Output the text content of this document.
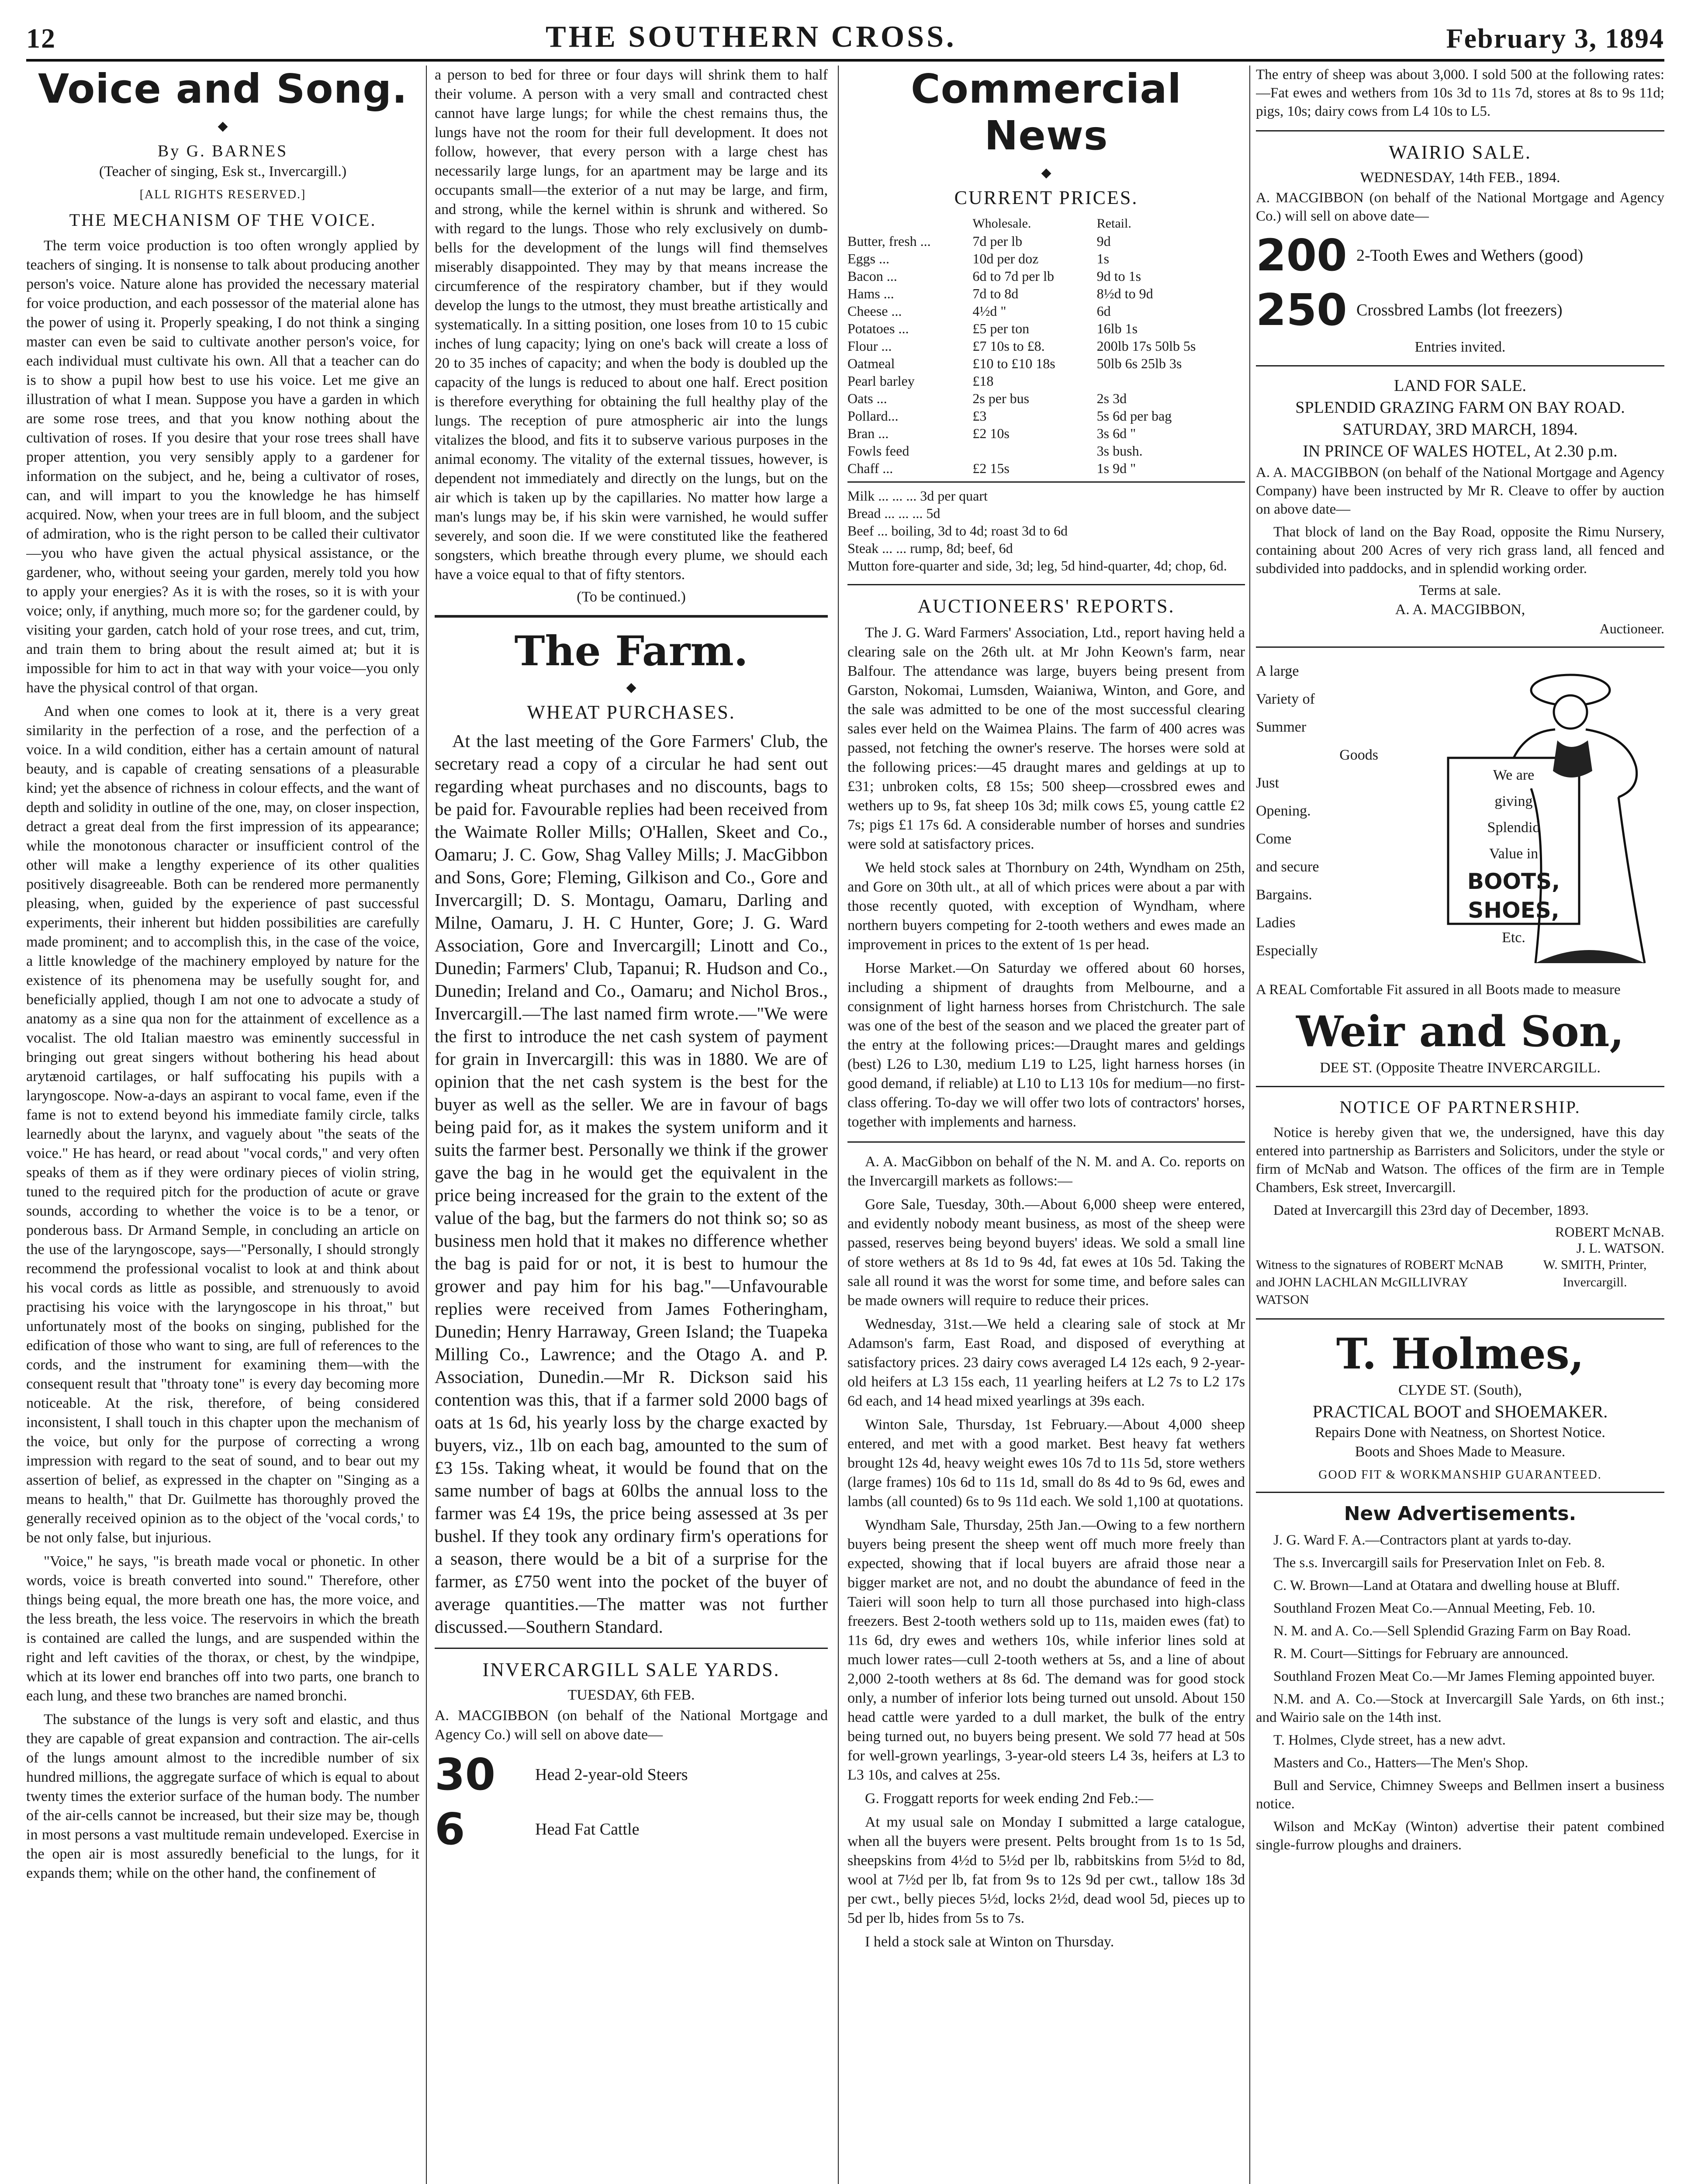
12	THE SOUTHERN CROSS.	February 3, 1894
Voice and Song.
◆
By G. BARNES
(Teacher of singing, Esk st., Invercargill.)
[ALL RIGHTS RESERVED.]
THE MECHANISM OF THE VOICE.

The term voice production is too often wrongly applied by teachers of singing. It is nonsense to talk about producing another person's voice. Nature alone has provided the necessary material for voice production, and each possessor of the material alone has the power of using it. Properly speaking, I do not think a singing master can even be said to cultivate another person's voice, for each individual must cultivate his own. All that a teacher can do is to show a pupil how best to use his voice. Let me give an illustration of what I mean. Suppose you have a garden in which are some rose trees, and that you know nothing about the cultivation of roses. If you desire that your rose trees shall have proper attention, you very sensibly apply to a gardener for information on the subject, and he, being a cultivator of roses, can, and will impart to you the knowledge he has himself acquired. Now, when your trees are in full bloom, and the subject of admiration, who is the right person to be called their cultivator—you who have given the actual physical assistance, or the gardener, who, without seeing your garden, merely told you how to apply your energies? As it is with the roses, so it is with your voice; only, if anything, much more so; for the gardener could, by visiting your garden, catch hold of your rose trees, and cut, trim, and train them to bring about the result aimed at; but it is impossible for him to act in that way with your voice—you only have the physical control of that organ.

And when one comes to look at it, there is a very great similarity in the perfection of a rose, and the perfection of a voice. In a wild condition, either has a certain amount of natural beauty, and is capable of creating sensations of a pleasurable kind; yet the absence of richness in colour effects, and the want of depth and solidity in outline of the one, may, on closer inspection, detract a great deal from the first impression of its appearance; while the monotonous character or insufficient control of the other will make a lengthy experience of its other qualities positively disagreeable. Both can be rendered more permanently pleasing, when, guided by the experience of past successful experiments, their inherent but hidden possibilities are carefully made prominent; and to accomplish this, in the case of the voice, a little knowledge of the machinery employed by nature for the existence of its phenomena may be usefully sought for, and beneficially applied, though I am not one to advocate a study of anatomy as a sine qua non for the attainment of excellence as a vocalist. The old Italian maestro was eminently successful in bringing out great singers without bothering his head about arytænoid cartilages, or half suffocating his pupils with a laryngoscope. Now-a-days an aspirant to vocal fame, even if the fame is not to extend beyond his immediate family circle, talks learnedly about the larynx, and vaguely about "the seats of the voice." He has heard, or read about "vocal cords," and very often speaks of them as if they were ordinary pieces of violin string, tuned to the required pitch for the production of acute or grave sounds, according to whether the voice is to be a tenor, or ponderous bass. Dr Armand Semple, in concluding an article on the use of the laryngoscope, says—"Personally, I should strongly recommend the professional vocalist to look at and think about his vocal cords as little as possible, and strenuously to avoid practising his voice with the laryngoscope in his throat," but unfortunately most of the books on singing, published for the edification of those who want to sing, are full of references to the cords, and the instrument for examining them—with the consequent result that "throaty tone" is every day becoming more noticeable. At the risk, therefore, of being considered inconsistent, I shall touch in this chapter upon the mechanism of the voice, but only for the purpose of correcting a wrong impression with regard to the seat of sound, and to bear out my assertion of belief, as expressed in the chapter on "Singing as a means to health," that Dr. Guilmette has thoroughly proved the generally received opinion as to the object of the 'vocal cords,' to be not only false, but injurious.

"Voice," he says, "is breath made vocal or phonetic. In other words, voice is breath converted into sound." Therefore, other things being equal, the more breath one has, the more voice, and the less breath, the less voice. The reservoirs in which the breath is contained are called the lungs, and are suspended within the right and left cavities of the thorax, or chest, by the windpipe, which at its lower end branches off into two parts, one branch to each lung, and these two branches are named bronchi.

The substance of the lungs is very soft and elastic, and thus they are capable of great expansion and contraction. The air-cells of the lungs amount almost to the incredible number of six hundred millions, the aggregate surface of which is equal to about twenty times the exterior surface of the human body. The number of the air-cells cannot be increased, but their size may be, though in most persons a vast multitude remain undeveloped. Exercise in the open air is most assuredly beneficial to the lungs, for it expands them; while on the other hand, the confinement of

a person to bed for three or four days will shrink them to half their volume. A person with a very small and contracted chest cannot have large lungs; for while the chest remains thus, the lungs have not the room for their full development. It does not follow, however, that every person with a large chest has necessarily large lungs, for an apartment may be large and its occupants small—the exterior of a nut may be large, and firm, and strong, while the kernel within is shrunk and withered. So with regard to the lungs. Those who rely exclusively on dumb-bells for the development of the lungs will find themselves miserably disappointed. They may by that means increase the circumference of the respiratory chamber, but if they would develop the lungs to the utmost, they must breathe artistically and systematically. In a sitting position, one loses from 10 to 15 cubic inches of lung capacity; lying on one's back will create a loss of 20 to 35 inches of capacity; and when the body is doubled up the capacity of the lungs is reduced to about one half. Erect position is therefore everything for obtaining the full healthy play of the lungs. The reception of pure atmospheric air into the lungs vitalizes the blood, and fits it to subserve various purposes in the animal economy. The vitality of the external tissues, however, is dependent not immediately and directly on the lungs, but on the air which is taken up by the capillaries. No matter how large a man's lungs may be, if his skin were varnished, he would suffer severely, and soon die. If we were constituted like the feathered songsters, which breathe through every plume, we should each have a voice equal to that of fifty stentors.

(To be continued.)
The Farm.
◆
WHEAT PURCHASES.

At the last meeting of the Gore Farmers' Club, the secretary read a copy of a circular he had sent out regarding wheat purchases and no discounts, bags to be paid for. Favourable replies had been received from the Waimate Roller Mills; O'Hallen, Skeet and Co., Oamaru; J. C. Gow, Shag Valley Mills; J. MacGibbon and Sons, Gore; Fleming, Gilkison and Co., Gore and Invercargill; D. S. Montagu, Oamaru, Darling and Milne, Oamaru, J. H. C Hunter, Gore; J. G. Ward Association, Gore and Invercargill; Linott and Co., Dunedin; Farmers' Club, Tapanui; R. Hudson and Co., Dunedin; Ireland and Co., Oamaru; and Nichol Bros., Invercargill.—The last named firm wrote.—"We were the first to introduce the net cash system of payment for grain in Invercargill: this was in 1880. We are of opinion that the net cash system is the best for the buyer as well as the seller. We are in favour of bags being paid for, as it makes the system uniform and it suits the farmer best. Personally we think if the grower gave the bag in he would get the equivalent in the price being increased for the grain to the extent of the value of the bag, but the farmers do not think so; so as business men hold that it makes no difference whether the bag is paid for or not, it is best to humour the grower and pay him for his bag."—Unfavourable replies were received from James Fotheringham, Dunedin; Henry Harraway, Green Island; the Tuapeka Milling Co., Lawrence; and the Otago A. and P. Association, Dunedin.—Mr R. Dickson said his contention was this, that if a farmer sold 2000 bags of oats at 1s 6d, his yearly loss by the charge exacted by buyers, viz., 1lb on each bag, amounted to the sum of £3 15s. Taking wheat, it would be found that on the same number of bags at 60lbs the annual loss to the farmer was £4 19s, the price being assessed at 3s per bushel. If they took any ordinary firm's operations for a season, there would be a bit of a surprise for the farmer, as £750 went into the pocket of the buyer of average quantities.—The matter was not further discussed.—Southern Standard.

INVERCARGILL SALE YARDS.
TUESDAY, 6th FEB.

A. MACGIBBON (on behalf of the National Mortgage and Agency Co.) will sell on above date—

30	Head 2-year-old Steers
6	Head Fat Cattle
Commercial News
◆
CURRENT PRICES.
	Wholesale.	Retail.
Butter, fresh ...	7d per lb	9d
Eggs ...	10d per doz	1s
Bacon ...	6d to 7d per lb	9d to 1s
Hams ...	7d to 8d	8½d to 9d
Cheese ...	4½d "	6d
Potatoes ...	£5 per ton	16lb 1s
Flour ...	£7 10s to £8.	200lb 17s 50lb 5s
Oatmeal	£10 to £10 18s	50lb 6s 25lb 3s
Pearl barley	£18	
Oats ...	2s per bus	2s 3d
Pollard...	£3	5s 6d per bag
Bran ...	£2 10s	3s 6d "
Fowls feed		3s bush.
Chaff ...	£2 15s	1s 9d "
Milk ... ... ... 3d per quart
Bread ... ... ... 5d
Beef ... boiling, 3d to 4d; roast 3d to 6d
Steak ... ... rump, 8d; beef, 6d
Mutton fore-quarter and side, 3d; leg, 5d hind-quarter, 4d; chop, 6d.
AUCTIONEERS' REPORTS.

The J. G. Ward Farmers' Association, Ltd., report having held a clearing sale on the 26th ult. at Mr John Keown's farm, near Balfour. The attendance was large, buyers being present from Garston, Nokomai, Lumsden, Waianiwa, Winton, and Gore, and the sale was admitted to be one of the most successful clearing sales ever held on the Waimea Plains. The farm of 400 acres was passed, not fetching the owner's reserve. The horses were sold at the following prices:—45 draught mares and geldings at up to £31; unbroken colts, £8 15s; 500 sheep—crossbred ewes and wethers up to 9s, fat sheep 10s 3d; milk cows £5, young cattle £2 7s; pigs £1 17s 6d. A considerable number of horses and sundries were sold at satisfactory prices.

We held stock sales at Thornbury on 24th, Wyndham on 25th, and Gore on 30th ult., at all of which prices were about a par with those recently quoted, with exception of Wyndham, where northern buyers competing for 2-tooth wethers and ewes made an improvement in prices to the extent of 1s per head.

Horse Market.—On Saturday we offered about 60 horses, including a shipment of draughts from Melbourne, and a consignment of light harness horses from Christchurch. The sale was one of the best of the season and we placed the greater part of the entry at the following prices:—Draught mares and geldings (best) L26 to L30, medium L19 to L25, light harness horses (in good demand, if reliable) at L10 to L13 10s for medium—no first-class offering. To-day we will offer two lots of contractors' horses, together with implements and harness.

A. A. MacGibbon on behalf of the N. M. and A. Co. reports on the Invercargill markets as follows:—

Gore Sale, Tuesday, 30th.—About 6,000 sheep were entered, and evidently nobody meant business, as most of the sheep were passed, reserves being beyond buyers' ideas. We sold a small line of store wethers at 8s 1d to 9s 4d, fat ewes at 10s 5d. Taking the sale all round it was the worst for some time, and before sales can be made owners will require to reduce their prices.

Wednesday, 31st.—We held a clearing sale of stock at Mr Adamson's farm, East Road, and disposed of everything at satisfactory prices. 23 dairy cows averaged L4 12s each, 9 2-year-old heifers at L3 15s each, 11 yearling heifers at L2 7s to L2 17s 6d each, and 14 head mixed yearlings at 39s each.

Winton Sale, Thursday, 1st February.—About 4,000 sheep entered, and met with a good market. Best heavy fat wethers brought 12s 4d, heavy weight ewes 10s 7d to 11s 5d, store wethers (large frames) 10s 6d to 11s 1d, small do 8s 4d to 9s 6d, ewes and lambs (all counted) 6s to 9s 11d each. We sold 1,100 at quotations.

Wyndham Sale, Thursday, 25th Jan.—Owing to a few northern buyers being present the sheep went off much more freely than expected, showing that if local buyers are afraid those near a bigger market are not, and no doubt the abundance of feed in the Taieri will soon help to turn all those purchased into high-class freezers. Best 2-tooth wethers sold up to 11s, maiden ewes (fat) to 11s 6d, dry ewes and wethers 10s, while inferior lines sold at much lower rates—cull 2-tooth wethers at 5s, and a line of about 2,000 2-tooth wethers at 8s 6d. The demand was for good stock only, a number of inferior lots being turned out unsold. About 150 head cattle were yarded to a dull market, the bulk of the entry being turned out, no buyers being present. We sold 77 head at 50s for well-grown yearlings, 3-year-old steers L4 3s, heifers at L3 to L3 10s, and calves at 25s.

G. Froggatt reports for week ending 2nd Feb.:—

At my usual sale on Monday I submitted a large catalogue, when all the buyers were present. Pelts brought from 1s to 1s 5d, sheepskins from 4½d to 5½d per lb, rabbitskins from 5½d to 8d, wool at 7½d per lb, fat from 9s to 12s 9d per cwt., tallow 18s 3d per cwt., belly pieces 5½d, locks 2½d, dead wool 5d, pieces up to 5d per lb, hides from 5s to 7s.

I held a stock sale at Winton on Thursday.

The entry of sheep was about 3,000. I sold 500 at the following rates:—Fat ewes and wethers from 10s 3d to 11s 7d, stores at 8s to 9s 11d; pigs, 10s; dairy cows from L4 10s to L5.

WAIRIO SALE.
WEDNESDAY, 14th FEB., 1894.

A. MACGIBBON (on behalf of the National Mortgage and Agency Co.) will sell on above date—

200 2-Tooth Ewes and Wethers (good)
250 Crossbred Lambs (lot freezers)
Entries invited.
LAND FOR SALE.
SPLENDID GRAZING FARM ON BAY ROAD.
SATURDAY, 3RD MARCH, 1894.
IN PRINCE OF WALES HOTEL, At 2.30 p.m.

A. A. MACGIBBON (on behalf of the National Mortgage and Agency Company) have been instructed by Mr R. Cleave to offer by auction on above date—

That block of land on the Bay Road, opposite the Rimu Nursery, containing about 200 Acres of very rich grass land, all fenced and subdivided into paddocks, and in splendid working order.

Terms at sale.
A. A. MACGIBBON,
Auctioneer.
A large
Variety of
Summer
Goods
Just
Opening.
Come
and secure
Bargains.
Ladies
Especially
We are
giving
Splendid
Value in
BOOTS,
SHOES,
Etc.

A REAL Comfortable Fit assured in all Boots made to measure

Weir and Son,
DEE ST. (Opposite Theatre INVERCARGILL.
NOTICE OF PARTNERSHIP.

Notice is hereby given that we, the undersigned, have this day entered into partnership as Barristers and Solicitors, under the style or firm of McNab and Watson. The offices of the firm are in Temple Chambers, Esk street, Invercargill.

Dated at Invercargill this 23rd day of December, 1893.

ROBERT McNAB.
J. L. WATSON.
Witness to the signatures of ROBERT McNAB and JOHN LACHLAN McGILLIVRAY WATSON
W. SMITH, Printer, Invercargill.
T. Holmes,
CLYDE ST. (South),
PRACTICAL BOOT and SHOEMAKER.
Repairs Done with Neatness, on Shortest Notice.
Boots and Shoes Made to Measure.
GOOD FIT & WORKMANSHIP GUARANTEED.
New Advertisements.

J. G. Ward F. A.—Contractors plant at yards to-day.

The s.s. Invercargill sails for Preservation Inlet on Feb. 8.

C. W. Brown—Land at Otatara and dwelling house at Bluff.

Southland Frozen Meat Co.—Annual Meeting, Feb. 10.

N. M. and A. Co.—Sell Splendid Grazing Farm on Bay Road.

R. M. Court—Sittings for February are announced.

Southland Frozen Meat Co.—Mr James Fleming appointed buyer.

N.M. and A. Co.—Stock at Invercargill Sale Yards, on 6th inst.; and Wairio sale on the 14th inst.

T. Holmes, Clyde street, has a new advt.

Masters and Co., Hatters—The Men's Shop.

Bull and Service, Chimney Sweeps and Bellmen insert a business notice.

Wilson and McKay (Winton) advertise their patent combined single-furrow ploughs and drainers.
